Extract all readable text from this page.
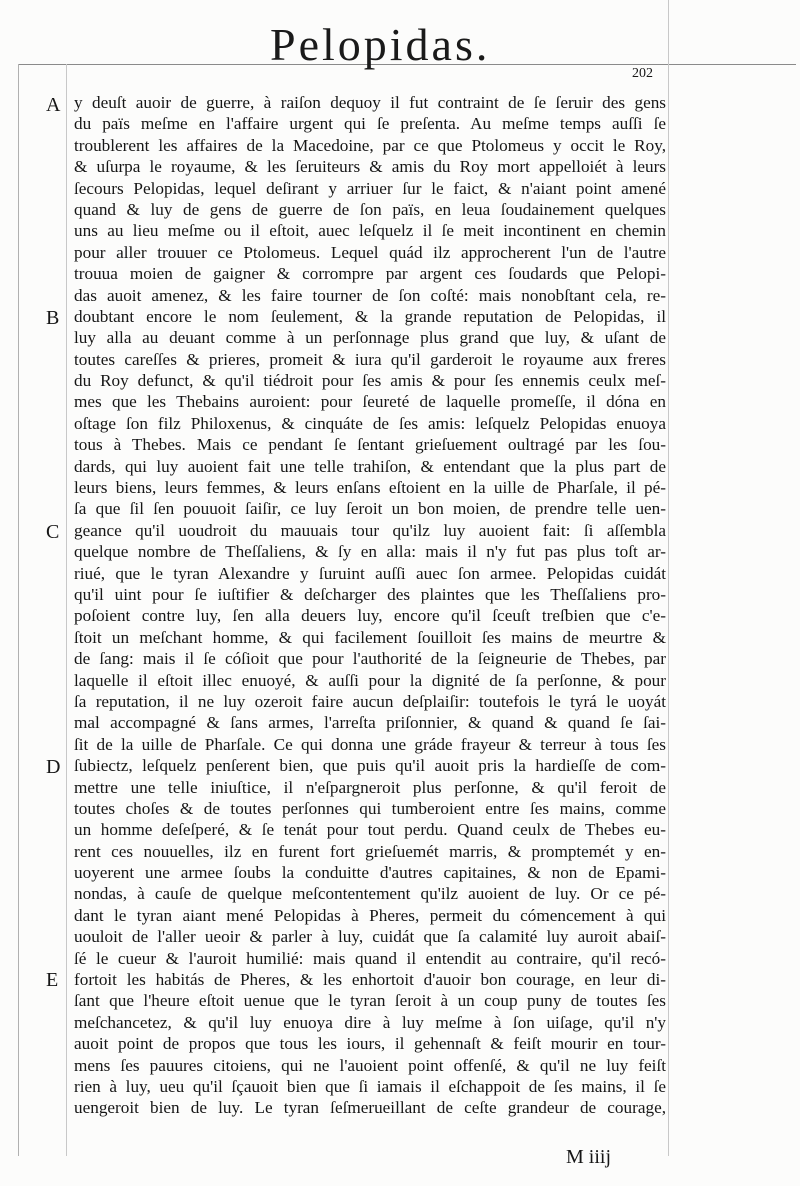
Pelopidas.
202
A
B
C
D
E
y deuſt auoir de guerre, à raiſon dequoy il fut contraint de ſe ſeruir des gens
du païs meſme en l'affaire urgent qui ſe preſenta. Au meſme temps auſſi ſe
troublerent les affaires de la Macedoine, par ce que Ptolomeus y occit le Roy,
& uſurpa le royaume, & les ſeruiteurs & amis du Roy mort appelloiét à leurs
ſecours Pelopidas, lequel deſirant y arriuer ſur le faict, & n'aiant point amené
quand & luy de gens de guerre de ſon païs, en leua ſoudainement quelques
uns au lieu meſme ou il eſtoit, auec leſquelz il ſe meit incontinent en chemin
pour aller trouuer ce Ptolomeus. Lequel quád ilz approcherent l'un de l'autre
trouua moien de gaigner & corrompre par argent ces ſoudards que Pelopi-
das auoit amenez, & les faire tourner de ſon coſté: mais nonobſtant cela, re-
doubtant encore le nom ſeulement, & la grande reputation de Pelopidas, il
luy alla au deuant comme à un perſonnage plus grand que luy, & uſant de
toutes careſſes & prieres, promeit & iura qu'il garderoit le royaume aux freres
du Roy defunct, & qu'il tiédroit pour ſes amis & pour ſes ennemis ceulx meſ-
mes que les Thebains auroient: pour ſeureté de laquelle promeſſe, il dóna en
oſtage ſon filz Philoxenus, & cinquáte de ſes amis: leſquelz Pelopidas enuoya
tous à Thebes. Mais ce pendant ſe ſentant grieſuement oultragé par les ſou-
dards, qui luy auoient fait une telle trahiſon, & entendant que la plus part de
leurs biens, leurs femmes, & leurs enſans eſtoient en la uille de Pharſale, il pé-
ſa que ſil ſen pouuoit ſaiſir, ce luy ſeroit un bon moien, de prendre telle uen-
geance qu'il uoudroit du mauuais tour qu'ilz luy auoient fait: ſi aſſembla
quelque nombre de Theſſaliens, & ſy en alla: mais il n'y fut pas plus toſt ar-
riué, que le tyran Alexandre y ſuruint auſſi auec ſon armee. Pelopidas cuidát
qu'il uint pour ſe iuſtifier & deſcharger des plaintes que les Theſſaliens pro-
poſoient contre luy, ſen alla deuers luy, encore qu'il ſceuſt treſbien que c'e-
ſtoit un meſchant homme, & qui facilement ſouilloit ſes mains de meurtre &
de ſang: mais il ſe cóſioit que pour l'authorité de la ſeigneurie de Thebes, par
laquelle il eſtoit illec enuoyé, & auſſi pour la dignité de ſa perſonne, & pour
ſa reputation, il ne luy ozeroit faire aucun deſplaiſir: toutefois le tyrá le uoyát
mal accompagné & ſans armes, l'arreſta priſonnier, & quand & quand ſe ſai-
ſit de la uille de Pharſale. Ce qui donna une gráde frayeur & terreur à tous ſes
ſubiectz, leſquelz penſerent bien, que puis qu'il auoit pris la hardieſſe de com-
mettre une telle iniuſtice, il n'eſpargneroit plus perſonne, & qu'il feroit de
toutes choſes & de toutes perſonnes qui tumberoient entre ſes mains, comme
un homme deſeſperé, & ſe tenát pour tout perdu. Quand ceulx de Thebes eu-
rent ces nouuelles, ilz en furent fort grieſuemét marris, & promptemét y en-
uoyerent une armee ſoubs la conduitte d'autres capitaines, & non de Epami-
nondas, à cauſe de quelque meſcontentement qu'ilz auoient de luy. Or ce pé-
dant le tyran aiant mené Pelopidas à Pheres, permeit du cómencement à qui
uouloit de l'aller ueoir & parler à luy, cuidát que ſa calamité luy auroit abaiſ-
ſé le cueur & l'auroit humilié: mais quand il entendit au contraire, qu'il recó-
fortoit les habitás de Pheres, & les enhortoit d'auoir bon courage, en leur di-
ſant que l'heure eſtoit uenue que le tyran ſeroit à un coup puny de toutes ſes
meſchancetez, & qu'il luy enuoya dire à luy meſme à ſon uiſage, qu'il n'y
auoit point de propos que tous les iours, il gehennaſt & feiſt mourir en tour-
mens ſes pauures citoiens, qui ne l'auoient point offenſé, & qu'il ne luy feiſt
rien à luy, ueu qu'il ſçauoit bien que ſi iamais il eſchappoit de ſes mains, il ſe
uengeroit bien de luy. Le tyran ſeſmerueillant de ceſte grandeur de courage,
M iiij
